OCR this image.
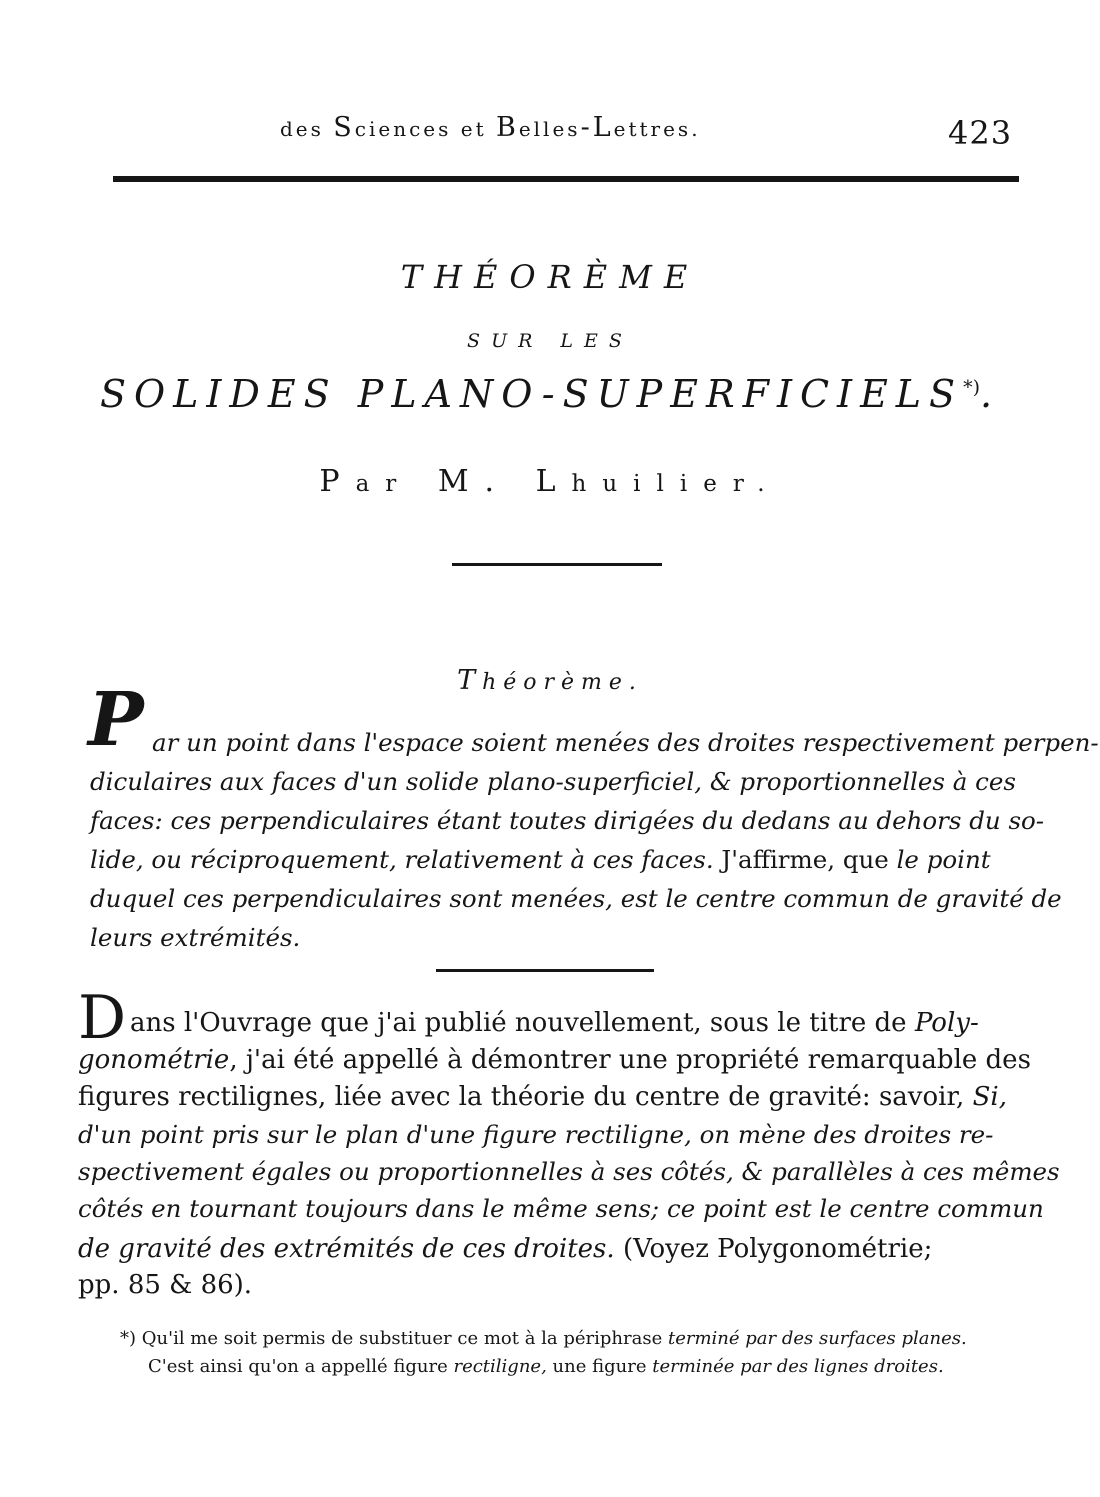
des Sciences et Belles-Lettres.	423
THÉORÈME
SUR LES
SOLIDES PLANO-SUPERFICIELS*).
Par M. Lhuilier.
Théorème.
P ar un point dans l'espace soient menées des droites respectivement perpen-
diculaires aux faces d'un solide plano-superficiel, & proportionnelles à ces
faces: ces perpendiculaires étant toutes dirigées du dedans au dehors du so-
lide, ou réciproquement, relativement à ces faces. J'affirme, que le point
duquel ces perpendiculaires sont menées, est le centre commun de gravité de
leurs extrémités.
D ans l'Ouvrage que j'ai publié nouvellement, sous le titre de Poly-
gonométrie, j'ai été appellé à démontrer une propriété remarquable des
figures rectilignes, liée avec la théorie du centre de gravité: savoir, Si,
d'un point pris sur le plan d'une figure rectiligne, on mène des droites re-
spectivement égales ou proportionnelles à ses côtés, & parallèles à ces mêmes
côtés en tournant toujours dans le même sens; ce point est le centre commun
de gravité des extrémités de ces droites. (Voyez Polygonométrie;
pp. 85 & 86).
*) Qu'il me soit permis de substituer ce mot à la périphrase terminé par des surfaces planes.
C'est ainsi qu'on a appellé figure rectiligne, une figure terminée par des lignes droites.
